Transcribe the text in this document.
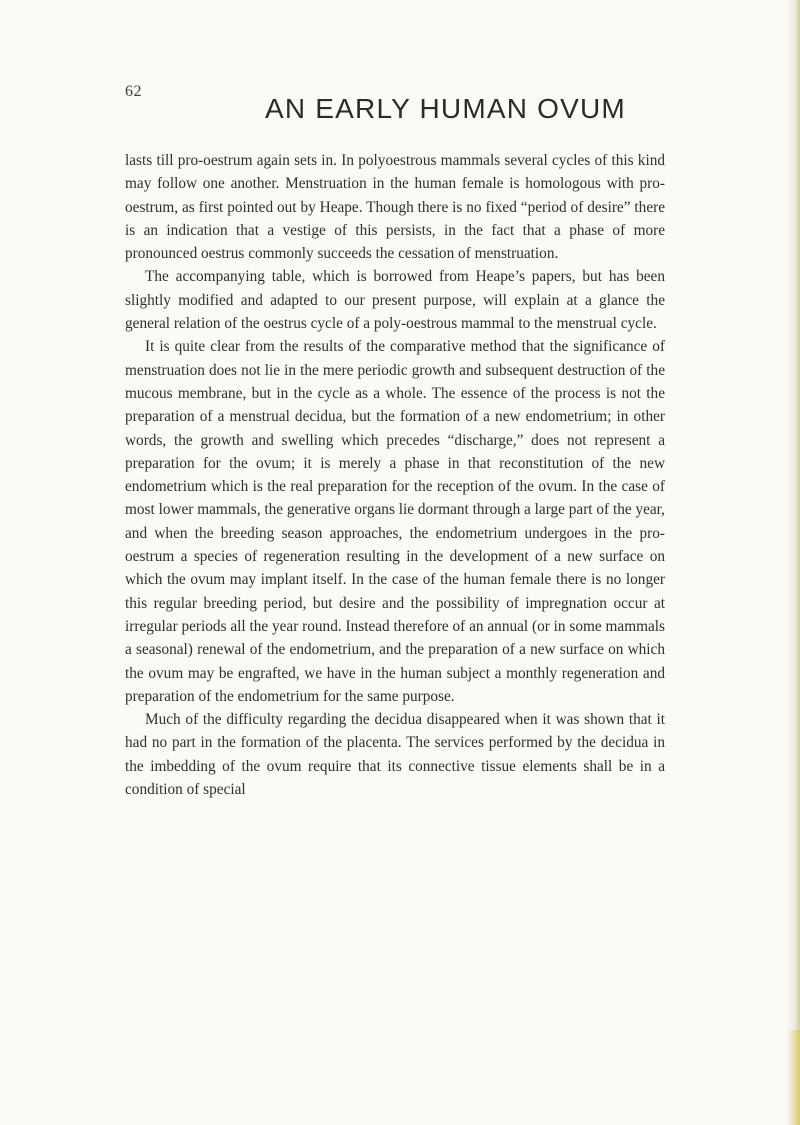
62
AN EARLY HUMAN OVUM

lasts till pro-oestrum again sets in. In polyoestrous mammals several cycles of this kind may follow one another. Menstruation in the human female is homologous with pro-oestrum, as first pointed out by Heape. Though there is no fixed “period of desire” there is an indication that a vestige of this persists, in the fact that a phase of more pronounced oestrus commonly succeeds the cessation of menstruation.

The accompanying table, which is borrowed from Heape’s papers, but has been slightly modified and adapted to our present purpose, will explain at a glance the general relation of the oestrus cycle of a poly-oestrous mammal to the menstrual cycle.

It is quite clear from the results of the comparative method that the significance of menstruation does not lie in the mere periodic growth and subsequent destruction of the mucous membrane, but in the cycle as a whole. The essence of the process is not the preparation of a menstrual decidua, but the formation of a new endometrium; in other words, the growth and swelling which precedes “discharge,” does not represent a preparation for the ovum; it is merely a phase in that reconstitution of the new endometrium which is the real preparation for the reception of the ovum. In the case of most lower mammals, the generative organs lie dormant through a large part of the year, and when the breeding season approaches, the endometrium undergoes in the pro-oestrum a species of regeneration resulting in the development of a new surface on which the ovum may implant itself. In the case of the human female there is no longer this regular breeding period, but desire and the possibility of impregnation occur at irregular periods all the year round. Instead therefore of an annual (or in some mammals a seasonal) renewal of the endometrium, and the preparation of a new surface on which the ovum may be engrafted, we have in the human subject a monthly regeneration and preparation of the endometrium for the same purpose.

Much of the difficulty regarding the decidua disappeared when it was shown that it had no part in the formation of the placenta. The services performed by the decidua in the imbedding of the ovum require that its connective tissue elements shall be in a condition of special
